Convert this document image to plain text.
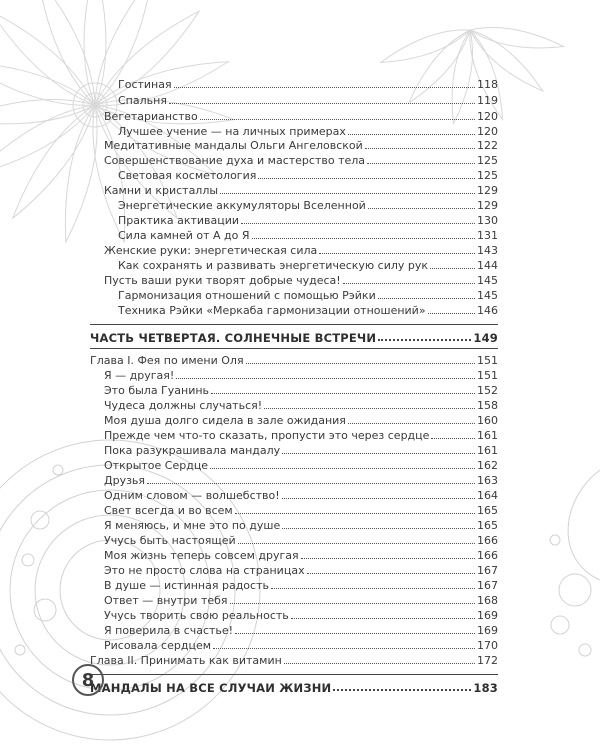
Гостиная	118
Спальня	119
Вегетарианство	120
Лучшее учение — на личных примерах	120
Медитативные мандалы Ольги Ангеловской	122
Совершенствование духа и мастерство тела	125
Световая косметология	125
Камни и кристаллы	129
Энергетические аккумуляторы Вселенной	129
Практика активации	130
Сила камней от А до Я	131
Женские руки: энергетическая сила	143
Как сохранять и развивать энергетическую силу рук	144
Пусть ваши руки творят добрые чудеса!	145
Гармонизация отношений с помощью Рэйки	145
Техника Рэйки «Меркаба гармонизации отношений»	146
ЧАСТЬ ЧЕТВЕРТАЯ. СОЛНЕЧНЫЕ ВСТРЕЧИ	149
Глава I. Фея по имени Оля	151
Я — другая!	151
Это была Гуанинь	152
Чудеса должны случаться!	158
Моя душа долго сидела в зале ожидания	160
Прежде чем что-то сказать, пропусти это через сердце	161
Пока разукрашивала мандалу	161
Открытое Сердце	162
Друзья	163
Одним словом — волшебство!	164
Свет всегда и во всем	165
Я меняюсь, и мне это по душе	165
Учусь быть настоящей	166
Моя жизнь теперь совсем другая	166
Это не просто слова на страницах	167
В душе — истинная радость	167
Ответ — внутри тебя	168
Учусь творить свою реальность	169
Я поверила в счастье!	169
Рисовала сердцем	170
Глава II. Принимать как витамин	172
МАНДАЛЫ НА ВСЕ СЛУЧАИ ЖИЗНИ	183
8
